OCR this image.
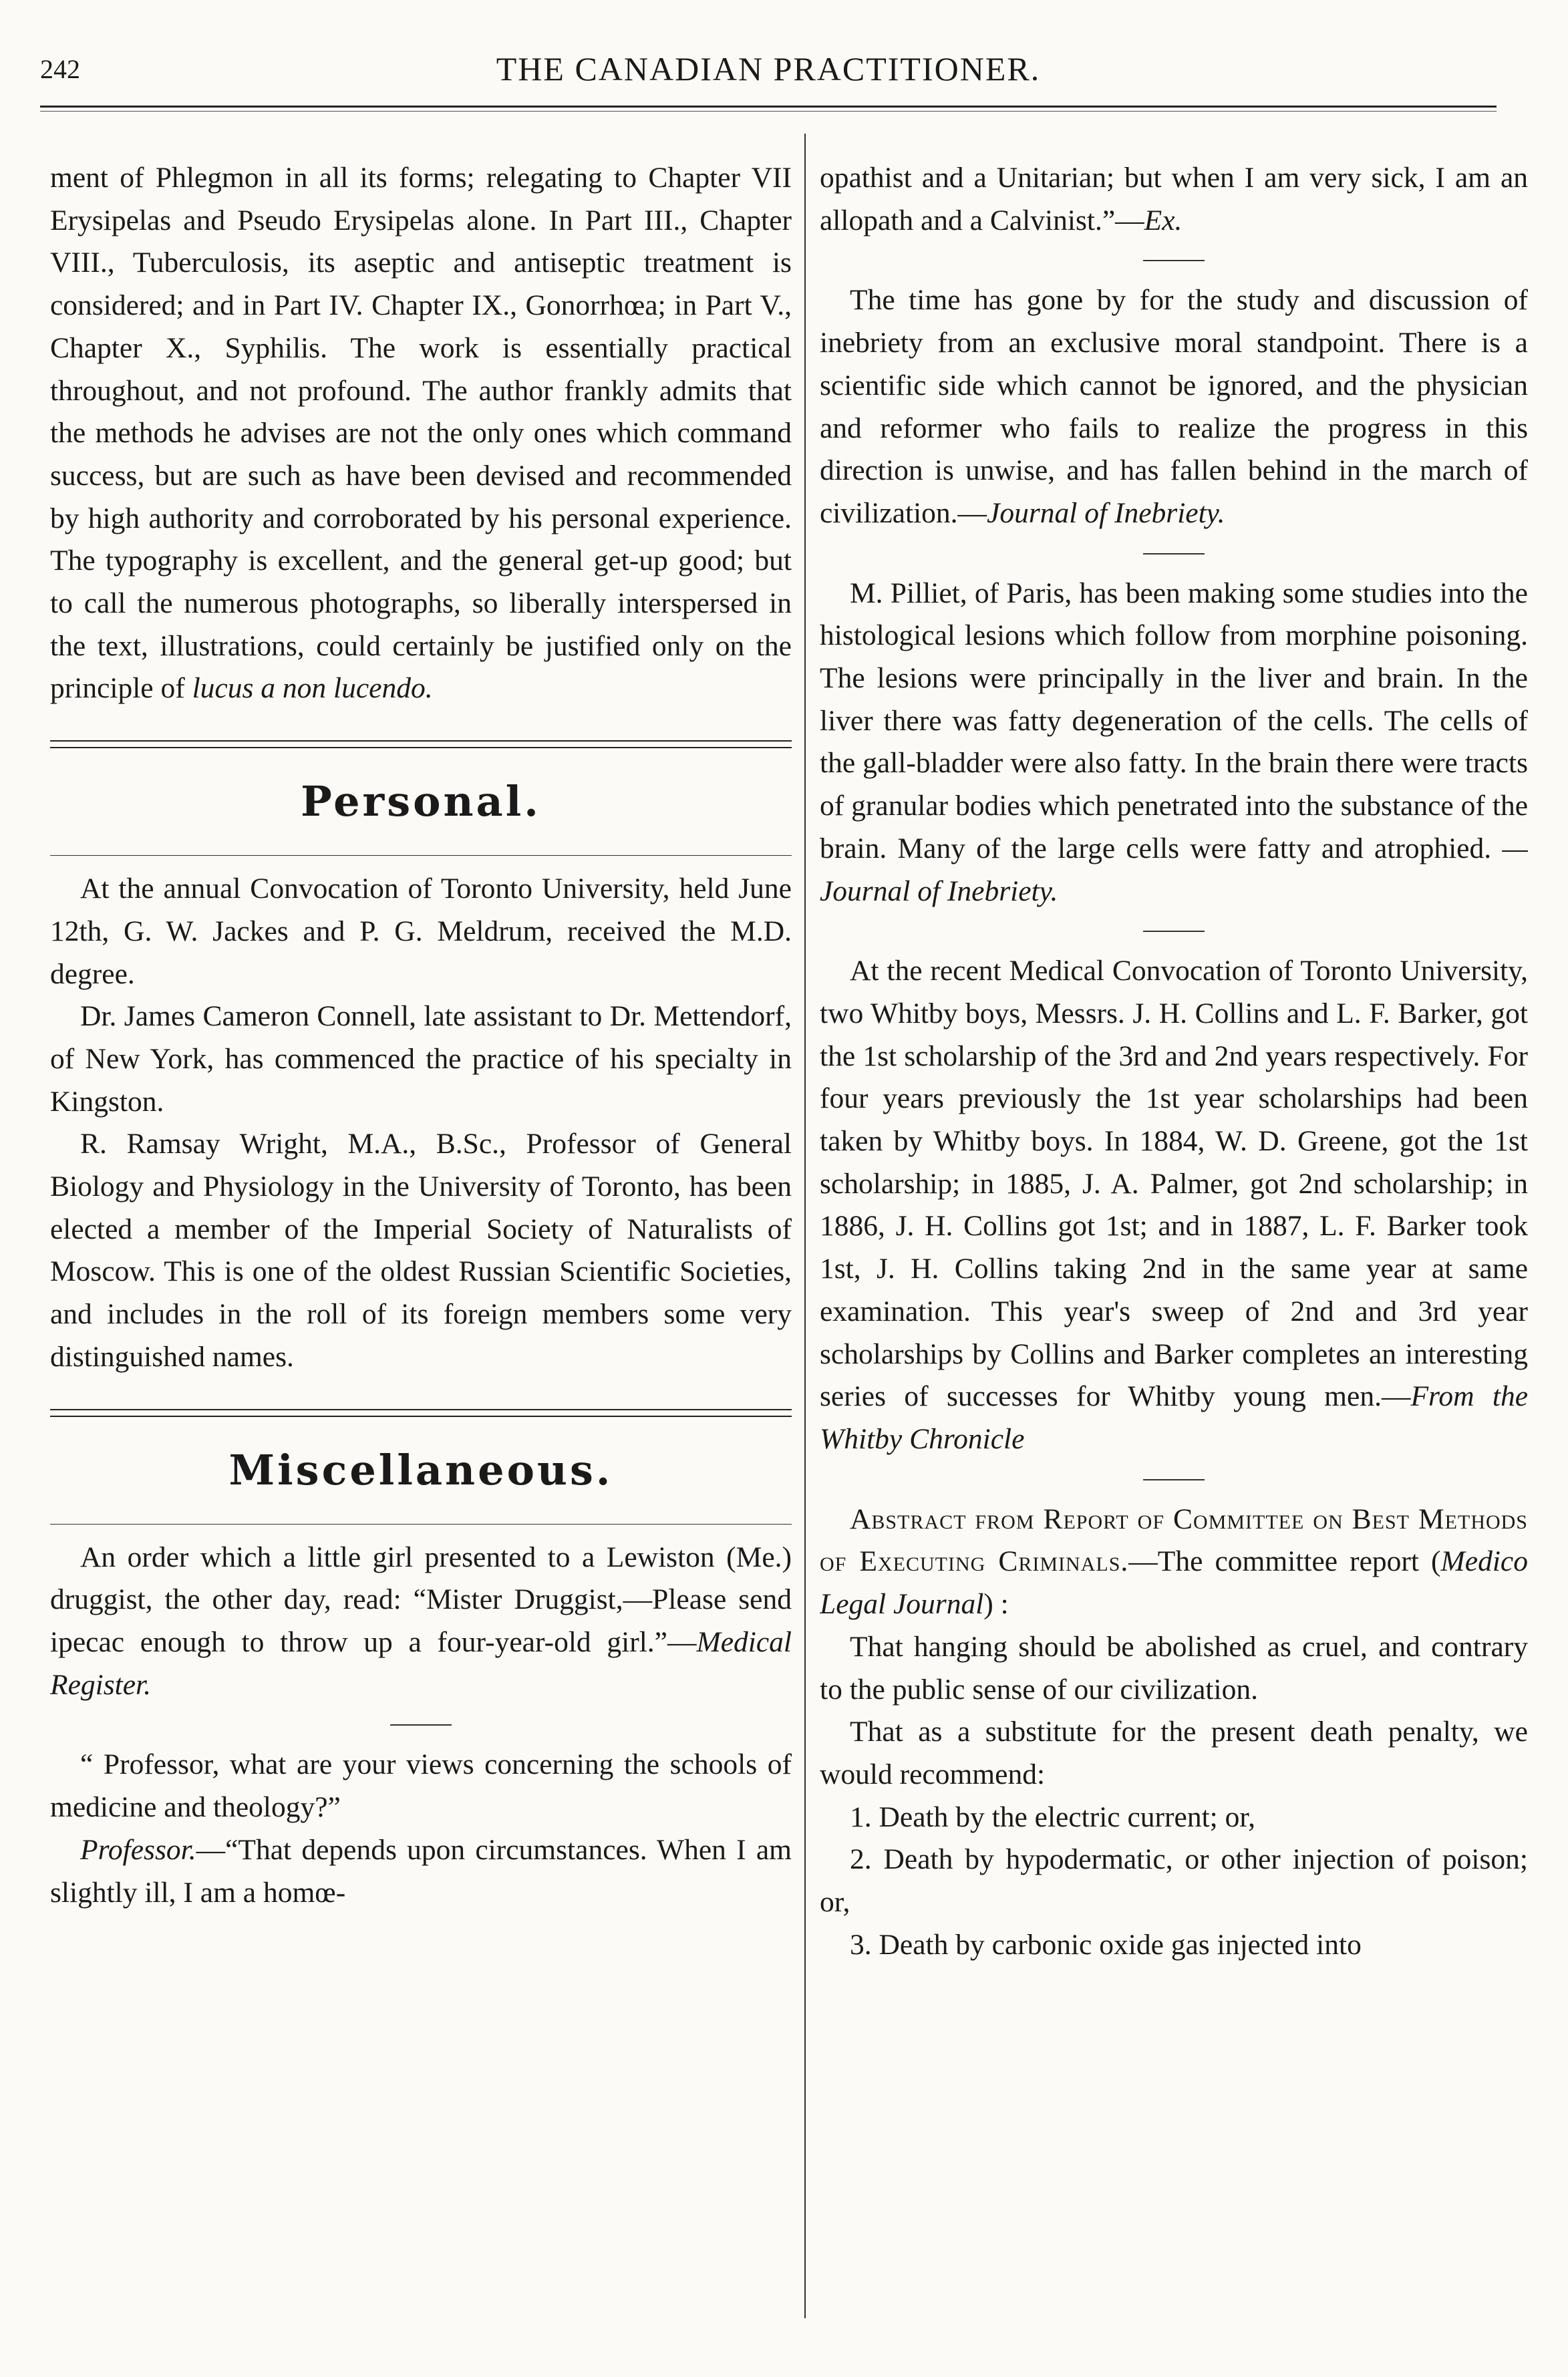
242	THE CANADIAN PRACTITIONER.

ment of Phlegmon in all its forms; relegating to Chapter VII Erysipelas and Pseudo Erysipelas alone. In Part III., Chapter VIII., Tuberculosis, its aseptic and antiseptic treatment is considered; and in Part IV. Chapter IX., Gonorrhœa; in Part V., Chapter X., Syphilis. The work is essentially practical throughout, and not profound. The author frankly admits that the methods he advises are not the only ones which command success, but are such as have been devised and recommended by high authority and corroborated by his personal experience. The typography is excellent, and the general get-up good; but to call the numerous photographs, so liberally interspersed in the text, illustrations, could certainly be justified only on the principle of lucus a non lucendo.

Personal.

At the annual Convocation of Toronto University, held June 12th, G. W. Jackes and P. G. Meldrum, received the M.D. degree.

Dr. James Cameron Connell, late assistant to Dr. Mettendorf, of New York, has commenced the practice of his specialty in Kingston.

R. Ramsay Wright, M.A., B.Sc., Professor of General Biology and Physiology in the University of Toronto, has been elected a member of the Imperial Society of Naturalists of Moscow. This is one of the oldest Russian Scientific Societies, and includes in the roll of its foreign members some very distinguished names.

Miscellaneous.

An order which a little girl presented to a Lewiston (Me.) druggist, the other day, read: “Mister Druggist,—Please send ipecac enough to throw up a four-year-old girl.”—Medical Register.

“ Professor, what are your views concerning the schools of medicine and theology?”

Professor.—“That depends upon circumstances. When I am slightly ill, I am a homœ-

opathist and a Unitarian; but when I am very sick, I am an allopath and a Calvinist.”—Ex.

The time has gone by for the study and discussion of inebriety from an exclusive moral standpoint. There is a scientific side which cannot be ignored, and the physician and reformer who fails to realize the progress in this direction is unwise, and has fallen behind in the march of civilization.—Journal of Inebriety.

M. Pilliet, of Paris, has been making some studies into the histological lesions which follow from morphine poisoning. The lesions were principally in the liver and brain. In the liver there was fatty degeneration of the cells. The cells of the gall-bladder were also fatty. In the brain there were tracts of granular bodies which penetrated into the substance of the brain. Many of the large cells were fatty and atrophied. —Journal of Inebriety.

At the recent Medical Convocation of Toronto University, two Whitby boys, Messrs. J. H. Collins and L. F. Barker, got the 1st scholarship of the 3rd and 2nd years respectively. For four years previously the 1st year scholarships had been taken by Whitby boys. In 1884, W. D. Greene, got the 1st scholarship; in 1885, J. A. Palmer, got 2nd scholarship; in 1886, J. H. Collins got 1st; and in 1887, L. F. Barker took 1st, J. H. Collins taking 2nd in the same year at same examination. This year's sweep of 2nd and 3rd year scholarships by Collins and Barker completes an interesting series of successes for Whitby young men.—From the Whitby Chronicle

Abstract from Report of Committee on Best Methods of Executing Criminals.—The committee report (Medico Legal Journal) :

That hanging should be abolished as cruel, and contrary to the public sense of our civilization.

That as a substitute for the present death penalty, we would recommend:

1. Death by the electric current; or,

2. Death by hypodermatic, or other injection of poison; or,

3. Death by carbonic oxide gas injected into
